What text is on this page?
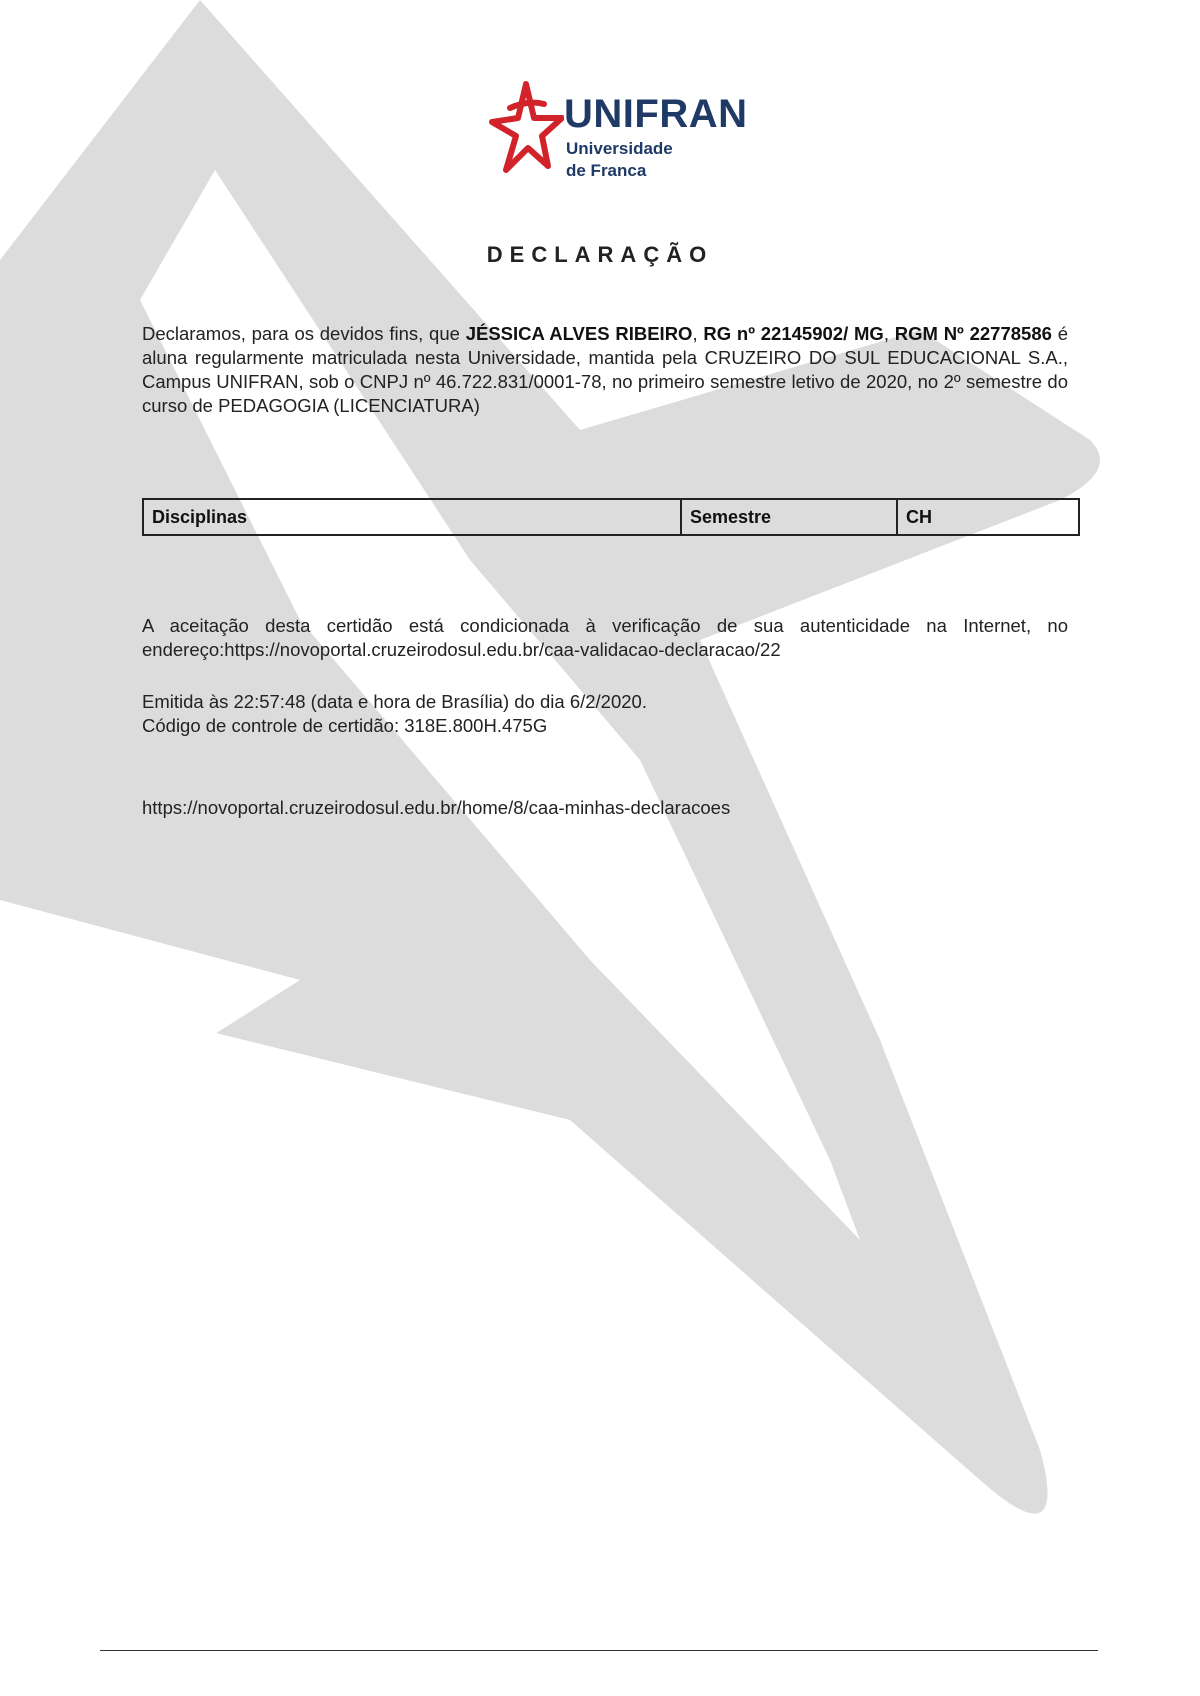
UNIFRAN
Universidade
de Franca
DECLARAÇÃO
Declaramos, para os devidos fins, que JÉSSICA ALVES RIBEIRO, RG nº 22145902/ MG, RGM Nº 22778586 é aluna regularmente matriculada nesta Universidade, mantida pela CRUZEIRO DO SUL EDUCACIONAL S.A., Campus UNIFRAN, sob o CNPJ nº 46.722.831/0001-78, no primeiro semestre letivo de 2020, no 2º semestre do curso de PEDAGOGIA (LICENCIATURA)
Disciplinas	Semestre	CH
A aceitação desta certidão está condicionada à verificação de sua autenticidade na Internet, no endereço:https://novoportal.cruzeirodosul.edu.br/caa-validacao-declaracao/22
Emitida às 22:57:48 (data e hora de Brasília) do dia 6/2/2020.
Código de controle de certidão: 318E.800H.475G
https://novoportal.cruzeirodosul.edu.br/home/8/caa-minhas-declaracoes
